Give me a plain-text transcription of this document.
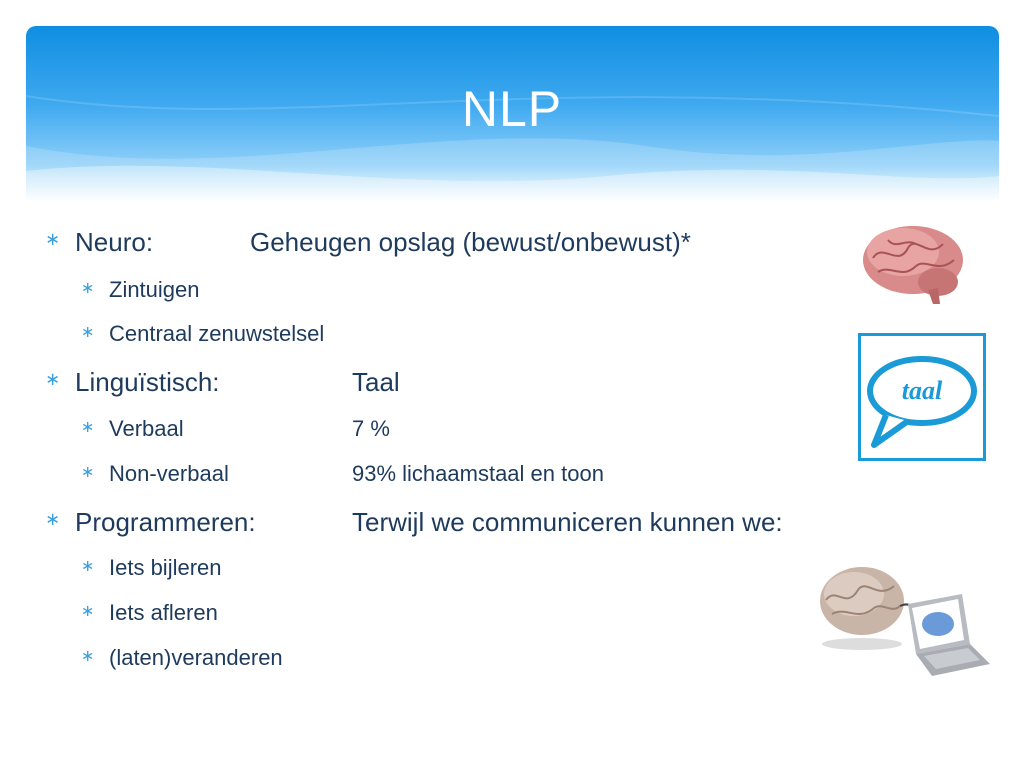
NLP
∗ Neuro:	Geheugen opslag (bewust/onbewust)*
∗ Zintuigen
∗ Centraal zenuwstelsel
∗ Linguïstisch:	Taal
∗ Verbaal	7 %
∗ Non-verbaal	93% lichaamstaal en toon
∗ Programmeren:	Terwijl we communiceren kunnen we:
∗ Iets bijleren
∗ Iets afleren
∗ (laten)veranderen
taal
